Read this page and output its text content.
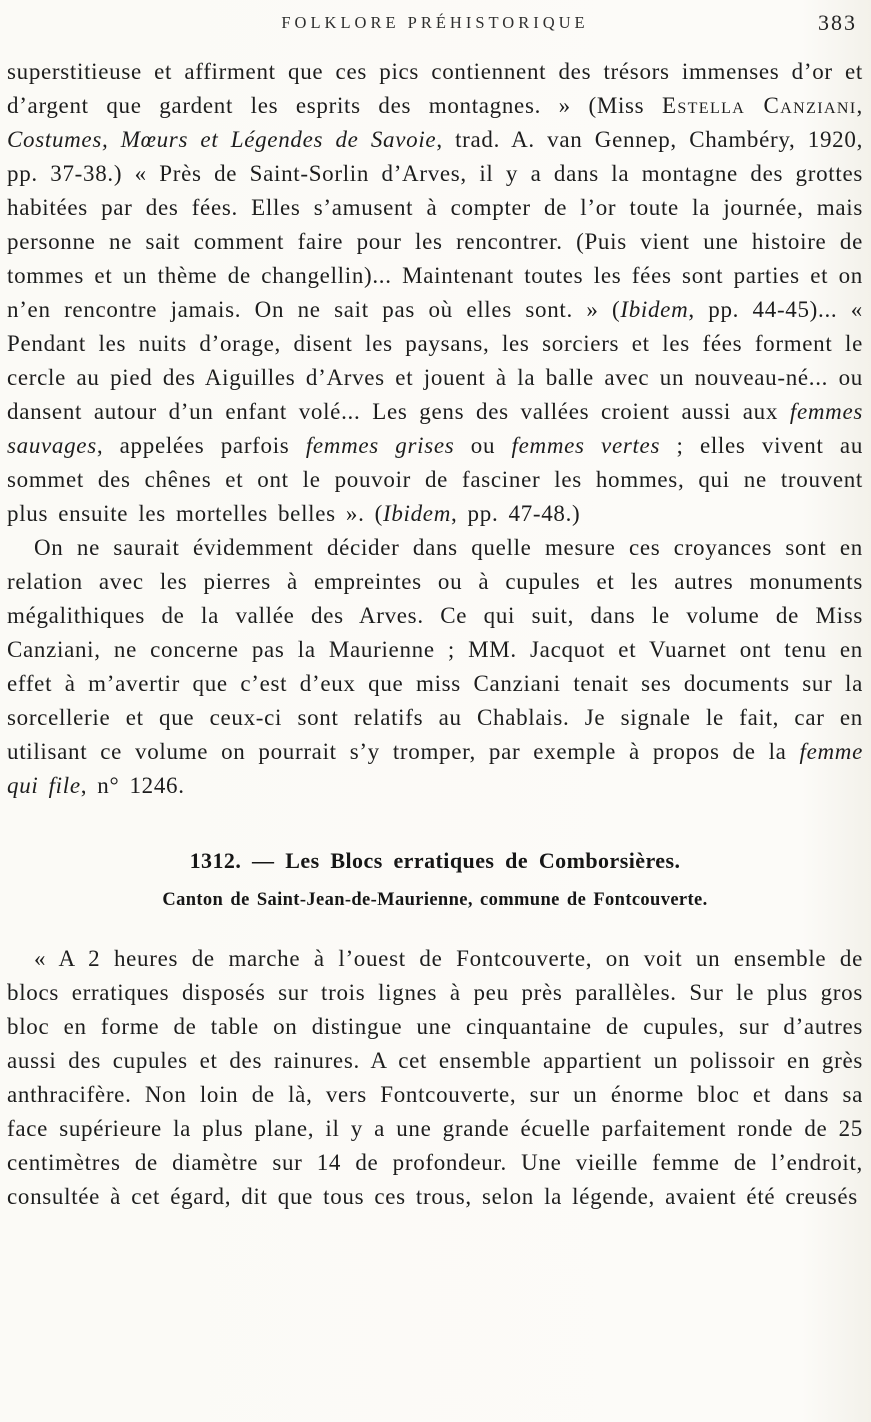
FOLKLORE PRÉHISTORIQUE	383

superstitieuse et affirment que ces pics contiennent des trésors immenses d’or et d’argent que gardent les esprits des montagnes. » (Miss Estella Canziani, Costumes, Mœurs et Légendes de Savoie, trad. A. van Gennep, Chambéry, 1920, pp. 37-38.) « Près de Saint-Sorlin d’Arves, il y a dans la montagne des grottes habitées par des fées. Elles s’amusent à compter de l’or toute la journée, mais personne ne sait comment faire pour les rencontrer. (Puis vient une histoire de tommes et un thème de changellin)... Maintenant toutes les fées sont parties et on n’en rencontre jamais. On ne sait pas où elles sont. » (Ibidem, pp. 44-45)... « Pendant les nuits d’orage, disent les paysans, les sorciers et les fées forment le cercle au pied des Aiguilles d’Arves et jouent à la balle avec un nouveau-né... ou dansent autour d’un enfant volé... Les gens des vallées croient aussi aux femmes sauvages, appelées parfois femmes grises ou femmes vertes ; elles vivent au sommet des chênes et ont le pouvoir de fasciner les hommes, qui ne trouvent plus ensuite les mortelles belles ». (Ibidem, pp. 47-48.)

On ne saurait évidemment décider dans quelle mesure ces croyances sont en relation avec les pierres à empreintes ou à cupules et les autres monuments mégalithiques de la vallée des Arves. Ce qui suit, dans le volume de Miss Canziani, ne concerne pas la Maurienne ; MM. Jacquot et Vuarnet ont tenu en effet à m’avertir que c’est d’eux que miss Canziani tenait ses documents sur la sorcellerie et que ceux-ci sont relatifs au Chablais. Je signale le fait, car en utilisant ce volume on pourrait s’y tromper, par exemple à propos de la femme qui file, n° 1246.

1312. — Les Blocs erratiques de Comborsières.
Canton de Saint-Jean-de-Maurienne, commune de Fontcouverte.

« A 2 heures de marche à l’ouest de Fontcouverte, on voit un ensemble de blocs erratiques disposés sur trois lignes à peu près parallèles. Sur le plus gros bloc en forme de table on distingue une cinquantaine de cupules, sur d’autres aussi des cupules et des rainures. A cet ensemble appartient un polissoir en grès anthracifère. Non loin de là, vers Fontcouverte, sur un énorme bloc et dans sa face supérieure la plus plane, il y a une grande écuelle parfaitement ronde de 25 centimètres de diamètre sur 14 de profondeur. Une vieille femme de l’endroit, consultée à cet égard, dit que tous ces trous, selon la légende, avaient été creusés
